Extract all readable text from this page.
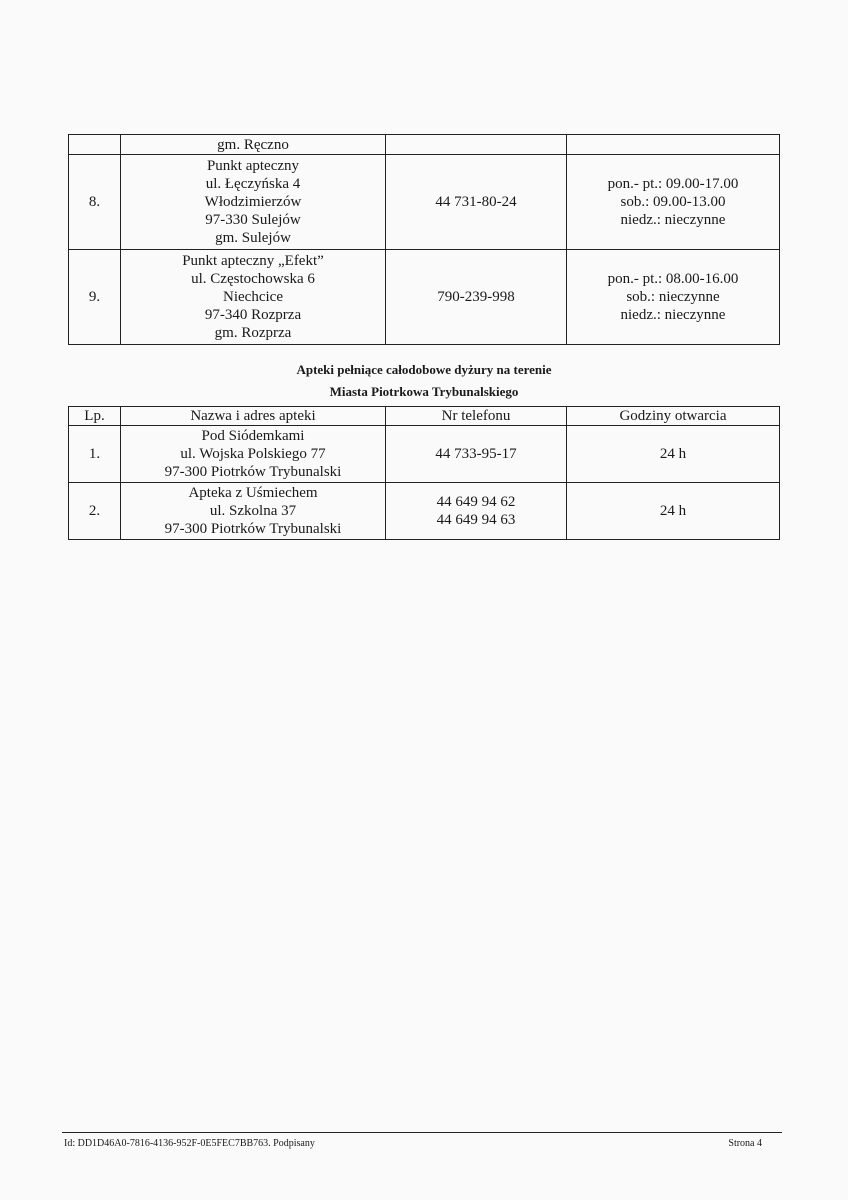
	gm. Ręczno		

8.	Punkt apteczny
ul. Łęczyńska 4
Włodzimierzów
97-330 Sulejów
gm. Sulejów	44 731-80-24	pon.- pt.: 09.00-17.00
sob.: 09.00-13.00
niedz.: nieczynne

9.	Punkt apteczny „Efekt”
ul. Częstochowska 6
Niechcice
97-340 Rozprza
gm. Rozprza	790-239-998	pon.- pt.: 08.00-16.00
sob.: nieczynne
niedz.: nieczynne
Apteki pełniące całodobowe dyżury na terenie
Miasta Piotrkowa Trybunalskiego
Lp.	Nazwa i adres apteki	Nr telefonu	Godziny otwarcia
1.	Pod Siódemkami
ul. Wojska Polskiego 77
97-300 Piotrków Trybunalski	44 733-95-17	24 h

2.	Apteka z Uśmiechem
ul. Szkolna 37
97-300 Piotrków Trybunalski	44 649 94 62
44 649 94 63	24 h
Id: DD1D46A0-7816-4136-952F-0E5FEC7BB763. Podpisany	Strona 4
